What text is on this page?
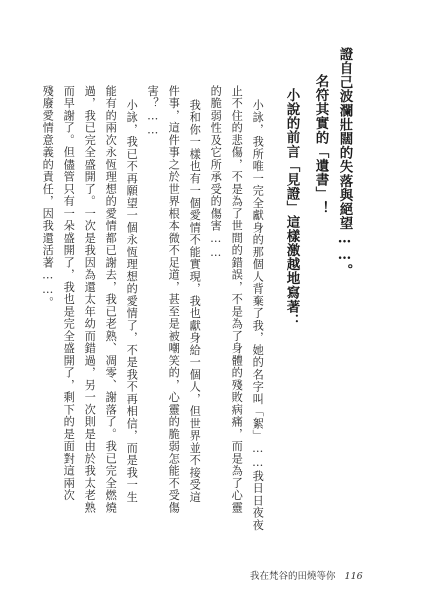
證自己波瀾壯闊的失落與絕望……。
名符其實的「遺書」！
小說的前言「見證」這樣激越地寫著：
小詠，我所唯一完全獻身的那個人背棄了我，她的名字叫「絮」……我日日夜夜
止不住的悲傷，不是為了世間的錯誤，不是為了身體的殘敗病痛，而是為了心靈
的脆弱性及它所承受的傷害……
我和你一樣也有一個愛情不能實現，我也獻身給一個人，但世界並不接受這
件事，這件事之於世界根本微不足道，甚至是被嘲笑的，心靈的脆弱怎能不受傷
害？……
小詠，我已不再願望一個永恆理想的愛情了，不是我不再相信，而是我一生
能有的兩次永恆理想的愛情都已謝去，我已老熟、凋零、謝落了。我已完全燃燒
過，我已完全盛開了。一次是我因為還太年幼而錯過，另一次則是由於我太老熟
而早謝了。但儘管只有一朵盛開了，我也是完全盛開了，剩下的是面對這兩次
殘廢愛情意義的責任，因我還活著……。
我在梵谷的田燒等你 116
